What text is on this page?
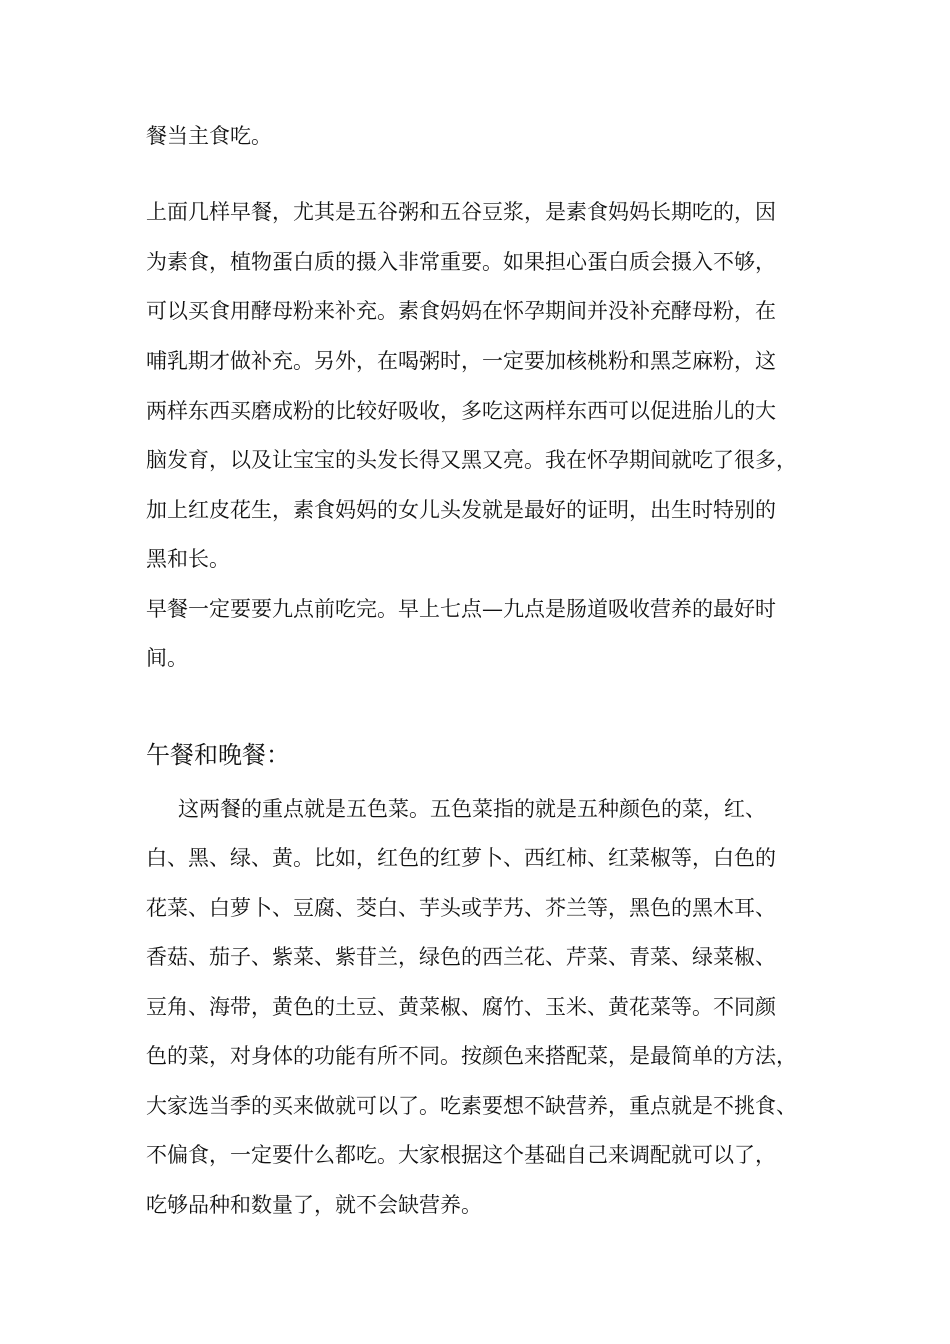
餐当主食吃。
上面几样早餐，尤其是五谷粥和五谷豆浆，是素食妈妈长期吃的，因
为素食，植物蛋白质的摄入非常重要。如果担心蛋白质会摄入不够，
可以买食用酵母粉来补充。素食妈妈在怀孕期间并没补充酵母粉，在
哺乳期才做补充。另外，在喝粥时，一定要加核桃粉和黑芝麻粉，这
两样东西买磨成粉的比较好吸收，多吃这两样东西可以促进胎儿的大
脑发育，以及让宝宝的头发长得又黑又亮。我在怀孕期间就吃了很多，
加上红皮花生，素食妈妈的女儿头发就是最好的证明，出生时特别的
黑和长。
早餐一定要要九点前吃完。早上七点—九点是肠道吸收营养的最好时
间。
午餐和晚餐：
这两餐的重点就是五色菜。五色菜指的就是五种颜色的菜，红、
白、黑、绿、黄。比如，红色的红萝卜、西红柿、红菜椒等，白色的
花菜、白萝卜、豆腐、茭白、芋头或芋艿、芥兰等，黑色的黑木耳、
香菇、茄子、紫菜、紫苷兰，绿色的西兰花、芹菜、青菜、绿菜椒、
豆角、海带，黄色的土豆、黄菜椒、腐竹、玉米、黄花菜等。不同颜
色的菜，对身体的功能有所不同。按颜色来搭配菜，是最简单的方法，
大家选当季的买来做就可以了。吃素要想不缺营养，重点就是不挑食、
不偏食，一定要什么都吃。大家根据这个基础自己来调配就可以了，
吃够品种和数量了，就不会缺营养。
